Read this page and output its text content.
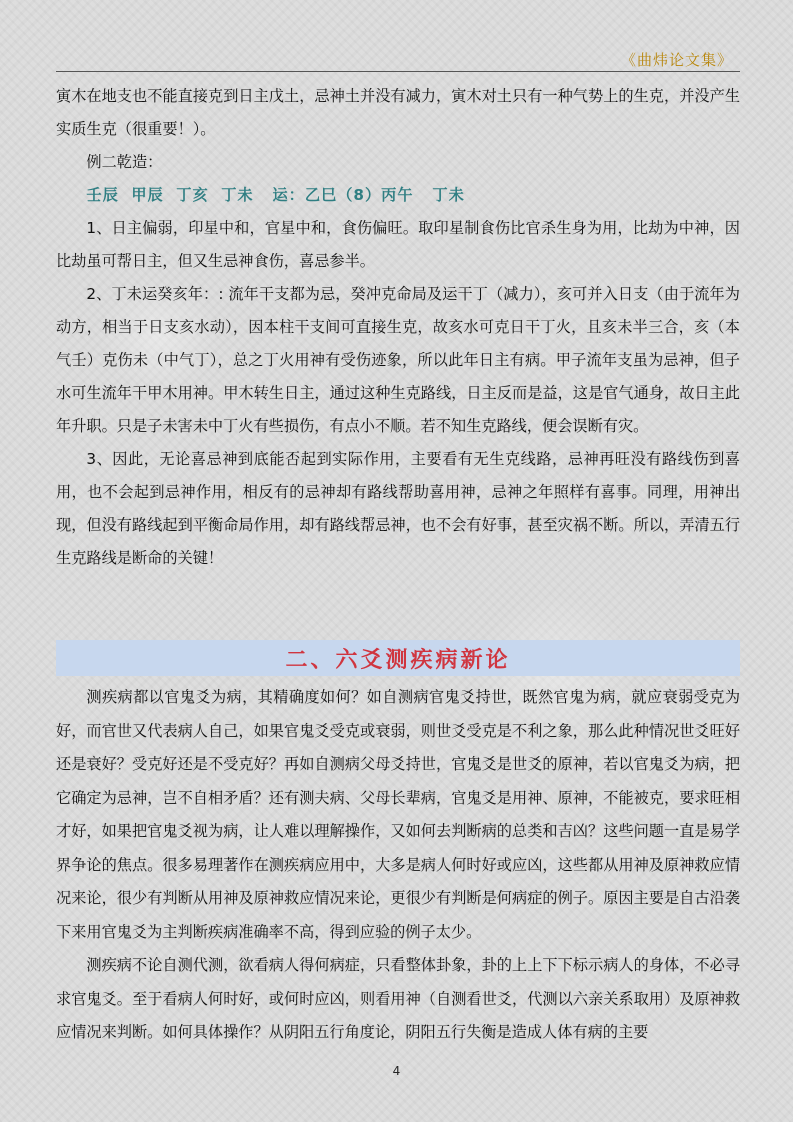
《曲炜论文集》

寅木在地支也不能直接克到日主戊土，忌神土并没有减力，寅木对土只有一种气势上的生克，并没产生实质生克（很重要！）。

例二乾造：

壬辰  甲辰  丁亥  丁未   运：乙巳（8）丙午   丁未

1、日主偏弱，印星中和，官星中和，食伤偏旺。取印星制食伤比官杀生身为用，比劫为中神，因比劫虽可帮日主，但又生忌神食伤，喜忌参半。

2、丁未运癸亥年：: 流年干支都为忌，癸冲克命局及运干丁（减力），亥可并入日支（由于流年为动方，相当于日支亥水动），因本柱干支间可直接生克，故亥水可克日干丁火，且亥未半三合，亥（本气壬）克伤未（中气丁），总之丁火用神有受伤迹象，所以此年日主有病。甲子流年支虽为忌神，但子水可生流年干甲木用神。甲木转生日主，通过这种生克路线，日主反而是益，这是官气通身，故日主此年升职。只是子未害未中丁火有些损伤，有点小不顺。若不知生克路线，便会误断有灾。

3、因此，无论喜忌神到底能否起到实际作用，主要看有无生克线路，忌神再旺没有路线伤到喜用，也不会起到忌神作用，相反有的忌神却有路线帮助喜用神，忌神之年照样有喜事。同理，用神出现，但没有路线起到平衡命局作用，却有路线帮忌神，也不会有好事，甚至灾祸不断。所以，弄清五行生克路线是断命的关键！

二、六爻测疾病新论

测疾病都以官鬼爻为病，其精确度如何？如自测病官鬼爻持世，既然官鬼为病，就应衰弱受克为好，而官世又代表病人自己，如果官鬼爻受克或衰弱，则世爻受克是不利之象，那么此种情况世爻旺好还是衰好？受克好还是不受克好？再如自测病父母爻持世，官鬼爻是世爻的原神，若以官鬼爻为病，把它确定为忌神，岂不自相矛盾？还有测夫病、父母长辈病，官鬼爻是用神、原神，不能被克，要求旺相才好，如果把官鬼爻视为病，让人难以理解操作，又如何去判断病的总类和吉凶？这些问题一直是易学界争论的焦点。很多易理著作在测疾病应用中，大多是病人何时好或应凶，这些都从用神及原神救应情况来论，很少有判断从用神及原神救应情况来论，更很少有判断是何病症的例子。原因主要是自古沿袭下来用官鬼爻为主判断疾病准确率不高，得到应验的例子太少。

测疾病不论自测代测，欲看病人得何病症，只看整体卦象，卦的上上下下标示病人的身体，不必寻求官鬼爻。至于看病人何时好，或何时应凶，则看用神（自测看世爻，代测以六亲关系取用）及原神救应情况来判断。如何具体操作？从阴阳五行角度论，阴阳五行失衡是造成人体有病的主要

4
